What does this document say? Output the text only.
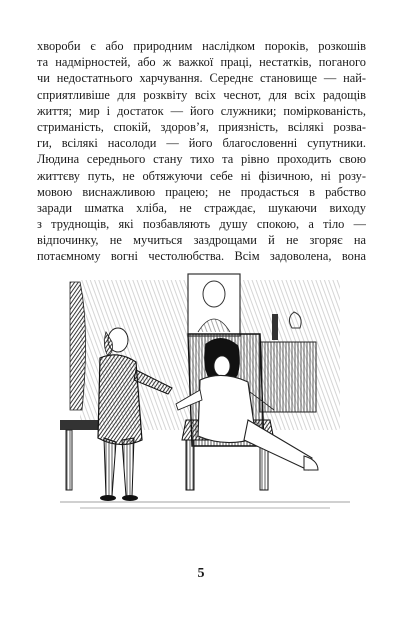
хвороби є або природним наслідком пороків, розкошів
та надмірностей, або ж важкої праці, нестатків, поганого
чи недостатнього харчування. Середнє становище — най-
сприятливіше для розквіту всіх чеснот, для всіх радощів
життя; мир і достаток — його служники; поміркованість,
стриманість, спокій, здоров’я, приязність, всілякі розва-
ги, всілякі насолоди — його благословенні супутники.
Людина середнього стану тихо та рівно проходить свою
життєву путь, не обтяжуючи себе ні фізичною, ні розу-
мовою виснажливою працею; не продасться в рабство
заради шматка хліба, не страждає, шукаючи виходу
з труднощів, які позбавляють душу спокою, а тіло —
відпочинку, не мучиться заздрощами й не згоряє на
потаємному вогні честолюбства. Всім задоволена, вона
5
